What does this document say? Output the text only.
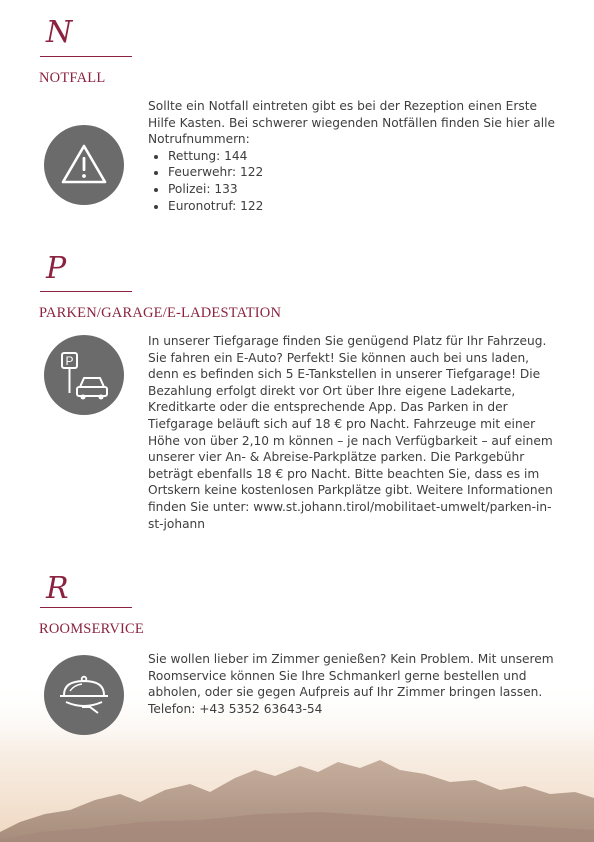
N
NOTFALL
Sollte ein Notfall eintreten gibt es bei der Rezeption einen Erste Hilfe Kasten. Bei schwerer wiegenden Notfällen finden Sie hier alle Notrufnummern:
• Rettung: 144
• Feuerwehr: 122
• Polizei: 133
• Euronotruf: 122
P
PARKEN/GARAGE/E-LADESTATION
P
In unserer Tiefgarage finden Sie genügend Platz für Ihr Fahrzeug. Sie fahren ein E-Auto? Perfekt! Sie können auch bei uns laden, denn es befinden sich 5 E-Tankstellen in unserer Tiefgarage! Die Bezahlung erfolgt direkt vor Ort über Ihre eigene Ladekarte, Kreditkarte oder die entsprechende App. Das Parken in der Tiefgarage beläuft sich auf 18 € pro Nacht. Fahrzeuge mit einer Höhe von über 2,10 m können – je nach Verfügbarkeit – auf einem unserer vier An- & Abreise-Parkplätze parken. Die Parkgebühr beträgt ebenfalls 18 € pro Nacht. Bitte beachten Sie, dass es im Ortskern keine kostenlosen Parkplätze gibt. Weitere Informationen finden Sie unter: www.st.johann.tirol/mobilitaet-umwelt/parken-in-st-johann
R
ROOMSERVICE
Sie wollen lieber im Zimmer genießen? Kein Problem. Mit unserem Roomservice können Sie Ihre Schmankerl gerne bestellen und abholen, oder sie gegen Aufpreis auf Ihr Zimmer bringen lassen.
Telefon: +43 5352 63643-54
